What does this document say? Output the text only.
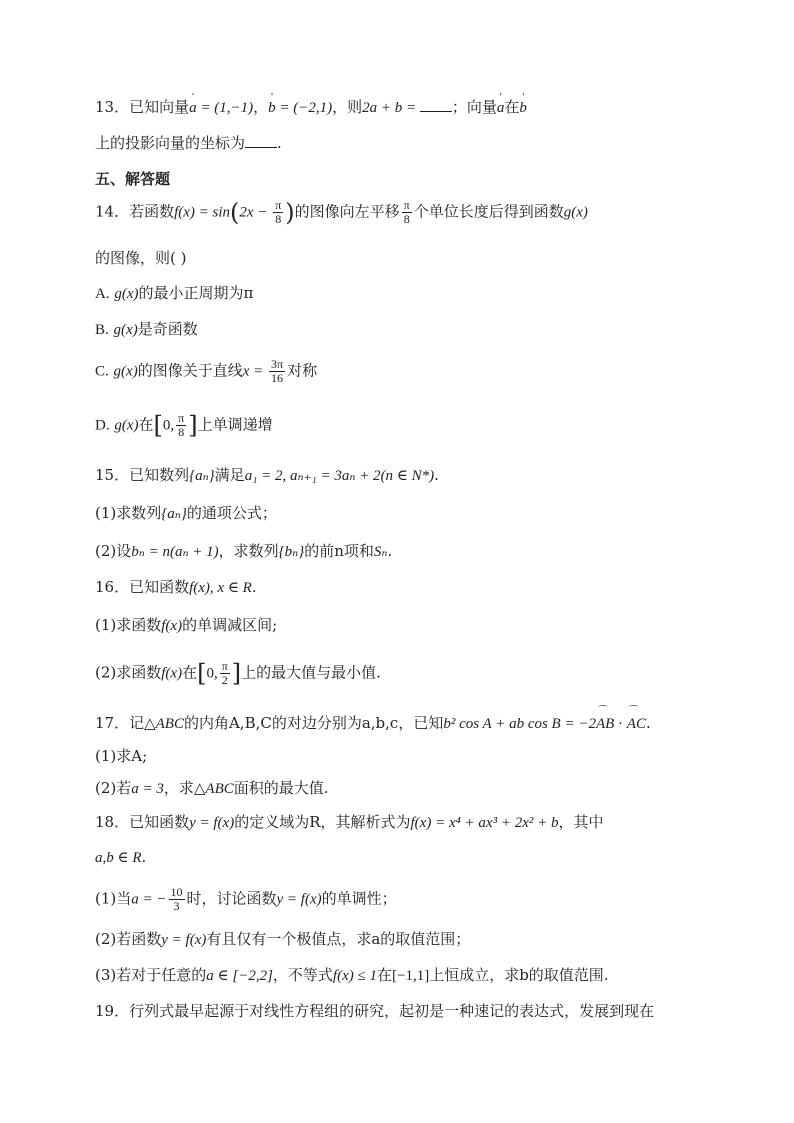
13．已知向量' a = (1,−1)，' b = (−2,1)，则2a + b = ；向量' a在' b
上的投影向量的坐标为 .
五、解答题
14．若函数$f(x) = \sin(2x - \frac{\pi}{8}$ )的图像向左平移 $\frac{\pi}{8}$ 个单位长度后得到函数g(x)
的图像，则( )
A. g(x)的最小正周期为π
B. g(x)是奇函数
C. g(x)的图像关于直线$x = \frac{3\pi}{16}$ 对称
D. g(x)在[0, $\frac{\pi}{8}$ ]上单调递增
15．已知数列{aₙ}满足a₁ = 2, aₙ₊₁ = 3aₙ + 2(n ∈ N*).
(1)求数列{aₙ}的通项公式；
(2)设bₙ = n(aₙ + 1)，求数列{bₙ}的前n项和Sₙ.
16．已知函数f(x), x ∈ R.
(1)求函数f(x)的单调减区间;
(2)求函数f(x)在[0, $\frac{\pi}{2}$ ]上的最大值与最小值.
17．记△ABC的内角A,B,C的对边分别为a,b,c，已知b² cos A + ab cos B = −2⌒ AB · ⌒ AC.
(1)求A;
(2)若a = 3，求△ABC面积的最大值.
18．已知函数y = f(x)的定义域为R，其解析式为f(x) = x⁴ + ax³ + 2x² + b，其中
a,b ∈ R.
(1)当a = − $\frac{10}{3}$ 时，讨论函数y = f(x)的单调性；
(2)若函数y = f(x)有且仅有一个极值点，求a的取值范围；
(3)若对于任意的a ∈ [−2,2]，不等式f(x) ≤ 1在[−1,1]上恒成立，求b的取值范围.
19．行列式最早起源于对线性方程组的研究，起初是一种速记的表达式，发展到现在
